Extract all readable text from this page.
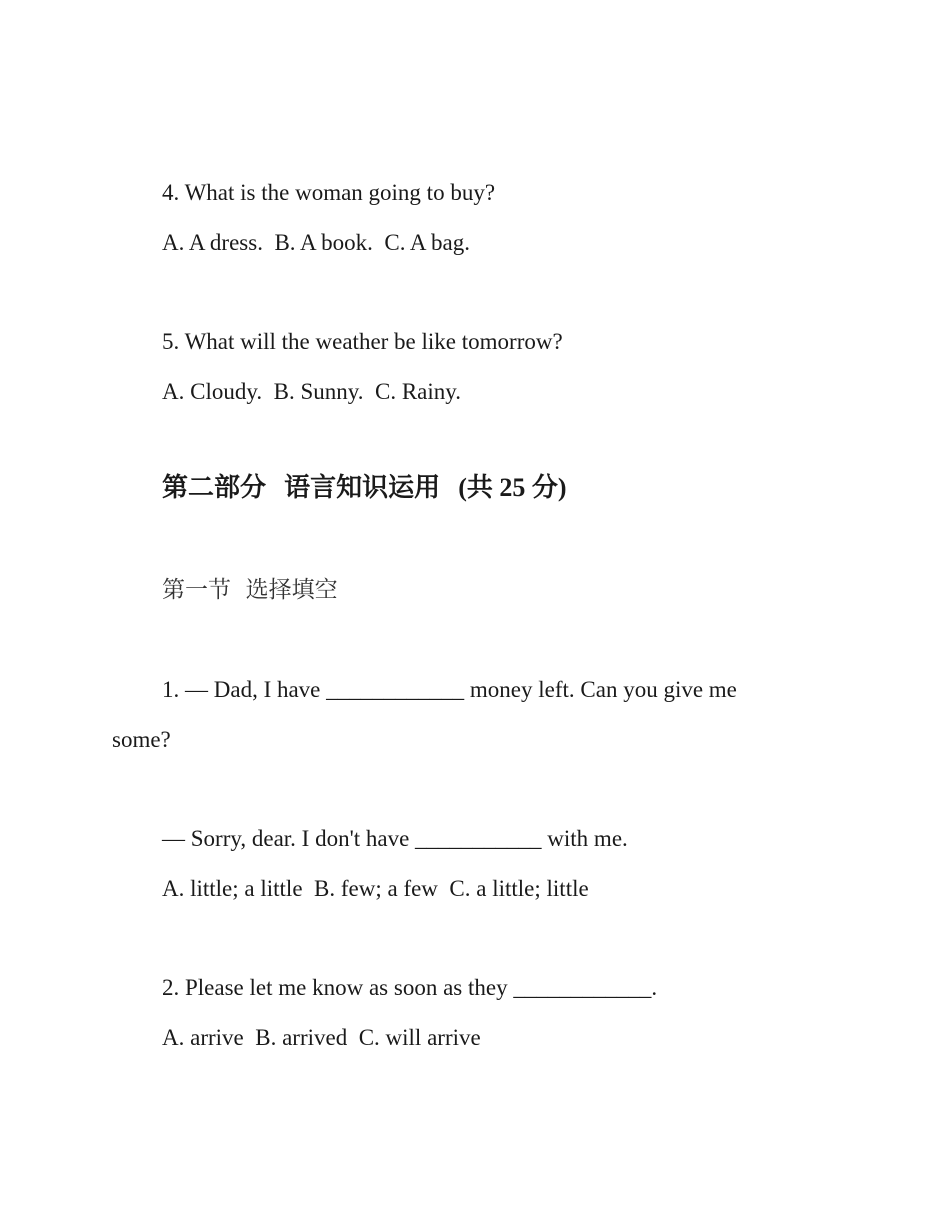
4. What is the woman going to buy?

A. A dress.  B. A book.  C. A bag.

5. What will the weather be like tomorrow?

A. Cloudy.  B. Sunny.  C. Rainy.

第二部分  语言知识运用  (共 25 分)

第一节  选择填空

1. — Dad, I have ____________ money left. Can you give me

some?

— Sorry, dear. I don't have ___________ with me.

A. little; a little  B. few; a few  C. a little; little

2. Please let me know as soon as they ____________.

A. arrive  B. arrived  C. will arrive
